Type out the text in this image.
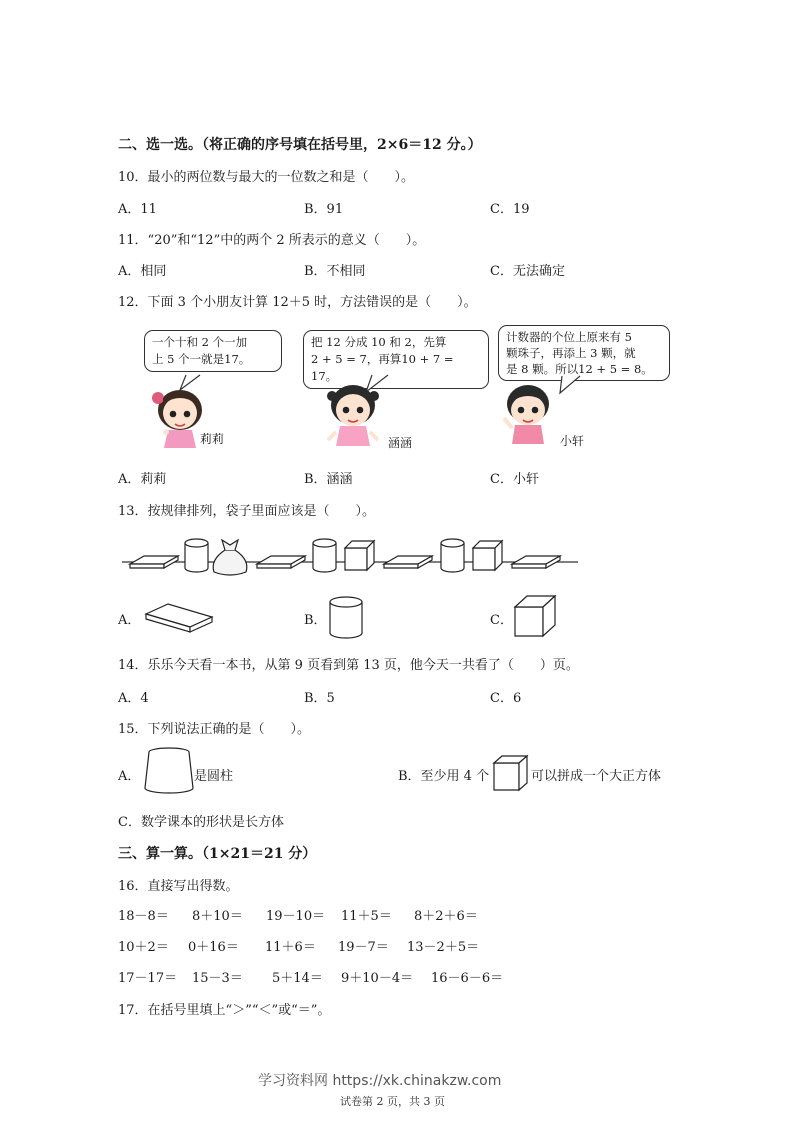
二、选一选。（将正确的序号填在括号里，2×6＝12 分。）
10．最小的两位数与最大的一位数之和是（　　）。
A．11	B．91	C．19
11．“20”和“12”中的两个 2 所表示的意义（　　）。
A．相同	B．不相同	C．无法确定
12．下面 3 个小朋友计算 12＋5 时，方法错误的是（　　）。
一个十和 2 个一加
上 5 个一就是17。
把 12 分成 10 和 2，先算
2 + 5 = 7，再算10 + 7 = 17。
计数器的个位上原来有 5
颗珠子，再添上 3 颗，就
是 8 颗。所以12 + 5 = 8。
莉莉	涵涵	小轩
A．莉莉	B．涵涵	C．小轩
13．按规律排列，袋子里面应该是（　　）。
A．	B．	C．
14．乐乐今天看一本书，从第 9 页看到第 13 页，他今天一共看了（　　）页。
A．4	B．5	C．6
15．下列说法正确的是（　　）。
A．	是圆柱	B．至少用 4 个	可以拼成一个大正方体
C．数学课本的形状是长方体
三、算一算。（1×21＝21 分）
16．直接写出得数。
18－8＝ 8＋10＝ 19－10＝ 11＋5＝ 8＋2＋6＝
10＋2＝ 0＋16＝ 11＋6＝ 19－7＝ 13－2＋5＝
17－17＝ 15－3＝ 5＋14＝ 9＋10－4＝ 16－6－6＝
17．在括号里填上“＞”“＜”或“＝”。
学习资料网 https://xk.chinakzw.com
试卷第 2 页，共 3 页
